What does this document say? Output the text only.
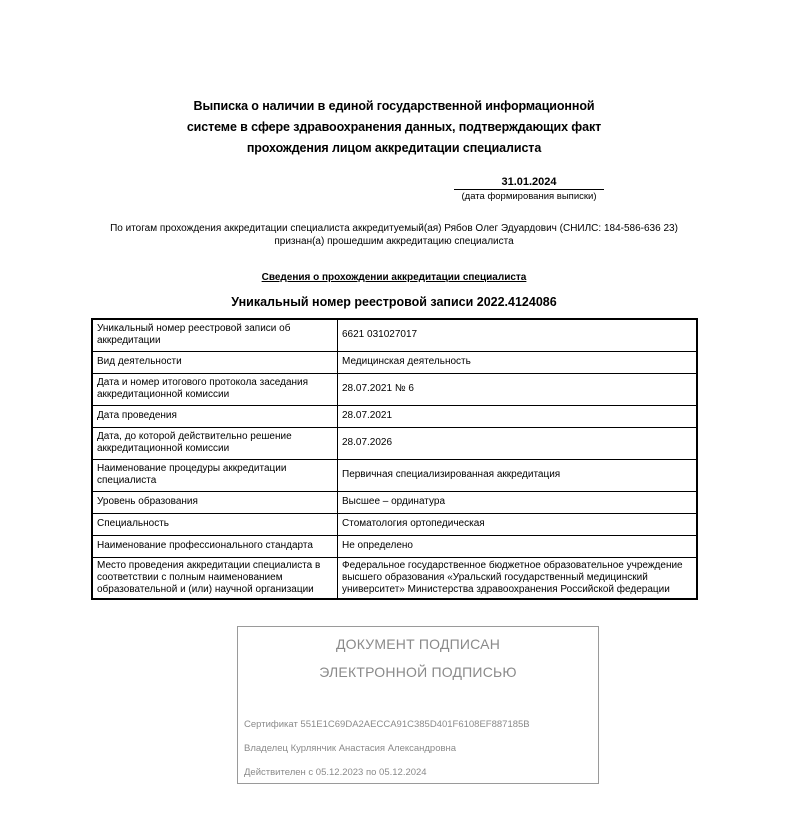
Выписка о наличии в единой государственной информационной
системе в сфере здравоохранения данных, подтверждающих факт
прохождения лицом аккредитации специалиста
31.01.2024
(дата формирования выписки)
По итогам прохождения аккредитации специалиста аккредитуемый(ая) Рябов Олег Эдуардович (СНИЛС: 184-586-636 23)
признан(а) прошедшим аккредитацию специалиста
Сведения о прохождении аккредитации специалиста
Уникальный номер реестровой записи 2022.4124086
Уникальный номер реестровой записи об аккредитации	6621 031027017
Вид деятельности	Медицинская деятельность
Дата и номер итогового протокола заседания аккредитационной комиссии	28.07.2021 № 6
Дата проведения	28.07.2021
Дата, до которой действительно решение аккредитационной комиссии	28.07.2026
Наименование процедуры аккредитации специалиста	Первичная специализированная аккредитация
Уровень образования	Высшее – ординатура
Специальность	Стоматология ортопедическая
Наименование профессионального стандарта	Не определено
Место проведения аккредитации специалиста в соответствии с полным наименованием образовательной и (или) научной организации	Федеральное государственное бюджетное образовательное учреждение высшего образования «Уральский государственный медицинский университет» Министерства здравоохранения Российской федерации
ДОКУМЕНТ ПОДПИСАН
ЭЛЕКТРОННОЙ ПОДПИСЬЮ
Сертификат 551E1C69DA2AECCA91C385D401F6108EF887185B
Владелец Курлянчик Анастасия Александровна
Действителен с 05.12.2023 по 05.12.2024
